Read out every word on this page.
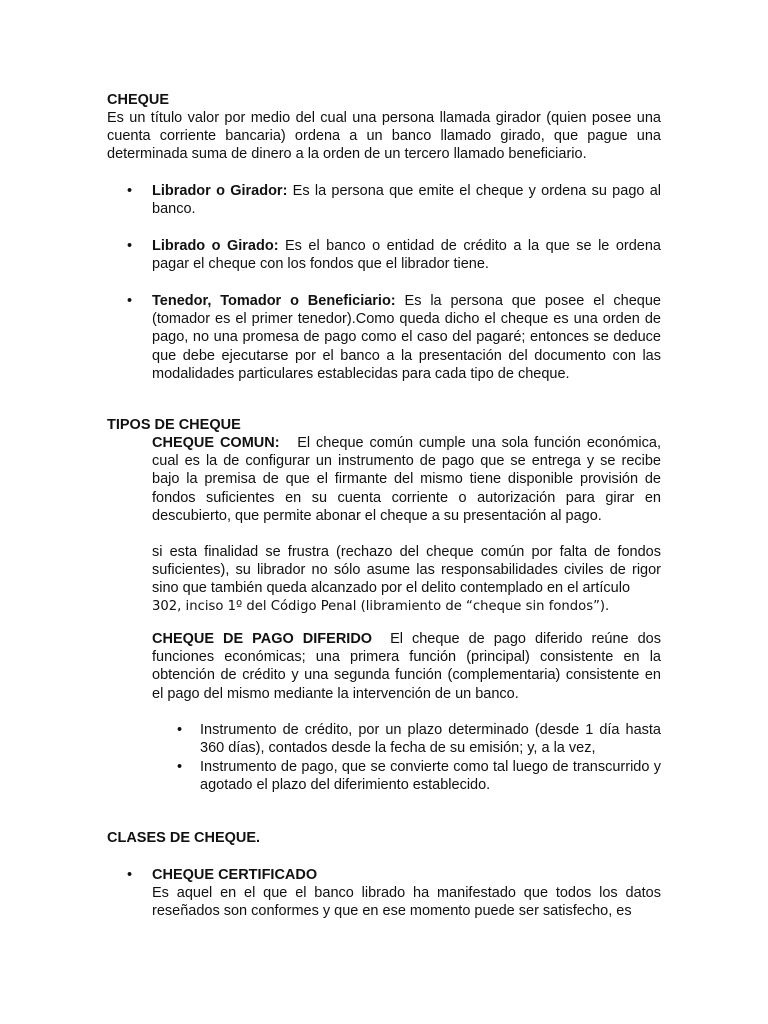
CHEQUE
Es un título valor por medio del cual una persona llamada girador (quien posee una cuenta corriente bancaria) ordena a un banco llamado girado, que pague una determinada suma de dinero a la orden de un tercero llamado beneficiario.
• Librador o Girador: Es la persona que emite el cheque y ordena su pago al banco.
• Librado o Girado: Es el banco o entidad de crédito a la que se le ordena pagar el cheque con los fondos que el librador tiene.
• Tenedor, Tomador o Beneficiario: Es la persona que posee el cheque (tomador es el primer tenedor).Como queda dicho el cheque es una orden de pago, no una promesa de pago como el caso del pagaré; entonces se deduce que debe ejecutarse por el banco a la presentación del documento con las modalidades particulares establecidas para cada tipo de cheque.
TIPOS DE CHEQUE
CHEQUE COMUN:   El cheque común cumple una sola función económica, cual es la de configurar un instrumento de pago que se entrega y se recibe bajo la premisa de que el firmante del mismo tiene disponible provisión de fondos suficientes en su cuenta corriente o autorización para girar en descubierto, que permite abonar el cheque a su presentación al pago.
si esta finalidad se frustra (rechazo del cheque común por falta de fondos suficientes), su librador no sólo asume las responsabilidades civiles de rigor sino que también queda alcanzado por el delito contemplado en el artículo
302, inciso 1º del Código Penal (libramiento de “cheque sin fondos”).
CHEQUE DE PAGO DIFERIDO  El cheque de pago diferido reúne dos funciones económicas; una primera función (principal) consistente en la obtención de crédito y una segunda función (complementaria) consistente en el pago del mismo mediante la intervención de un banco.
• Instrumento de crédito, por un plazo determinado (desde 1 día hasta 360 días), contados desde la fecha de su emisión; y, a la vez,
• Instrumento de pago, que se convierte como tal luego de transcurrido y agotado el plazo del diferimiento establecido.
CLASES DE CHEQUE.
• CHEQUE CERTIFICADO
Es aquel en el que el banco librado ha manifestado que todos los datos reseñados son conformes y que en ese momento puede ser satisfecho, es
